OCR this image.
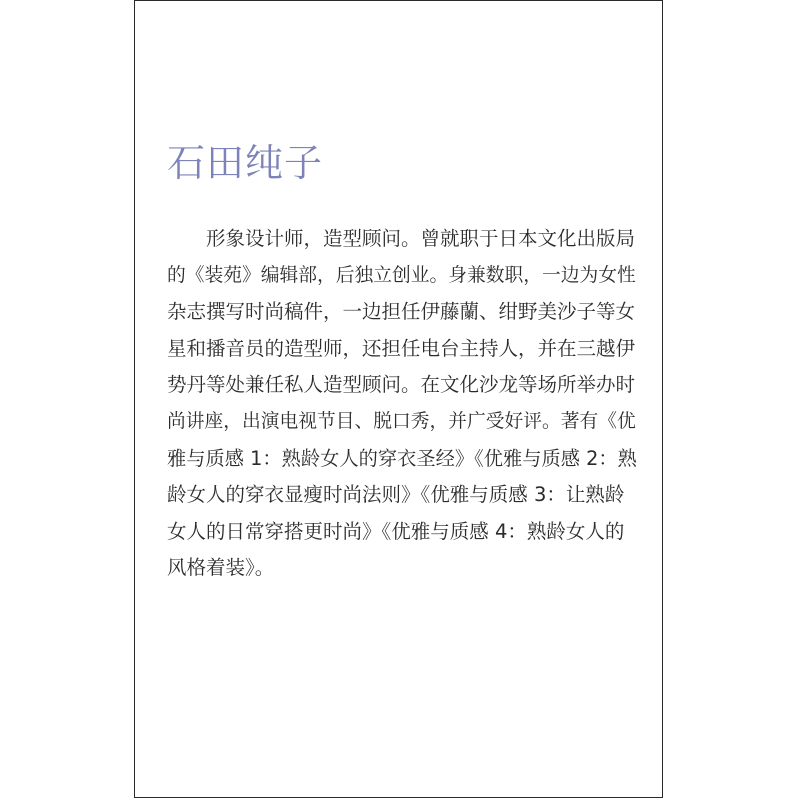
石田纯子

形象设计师，造型顾问。曾就职于日本文化出版局
的《装苑》编辑部，后独立创业。身兼数职，一边为女性
杂志撰写时尚稿件，一边担任伊藤蘭、绀野美沙子等女
星和播音员的造型师，还担任电台主持人，并在三越伊
势丹等处兼任私人造型顾问。在文化沙龙等场所举办时
尚讲座，出演电视节目、脱口秀，并广受好评。著有《优
雅与质感 1：熟龄女人的穿衣圣经》《优雅与质感 2：熟
龄女人的穿衣显瘦时尚法则》《优雅与质感 3：让熟龄
女人的日常穿搭更时尚》《优雅与质感 4：熟龄女人的
风格着装》。
